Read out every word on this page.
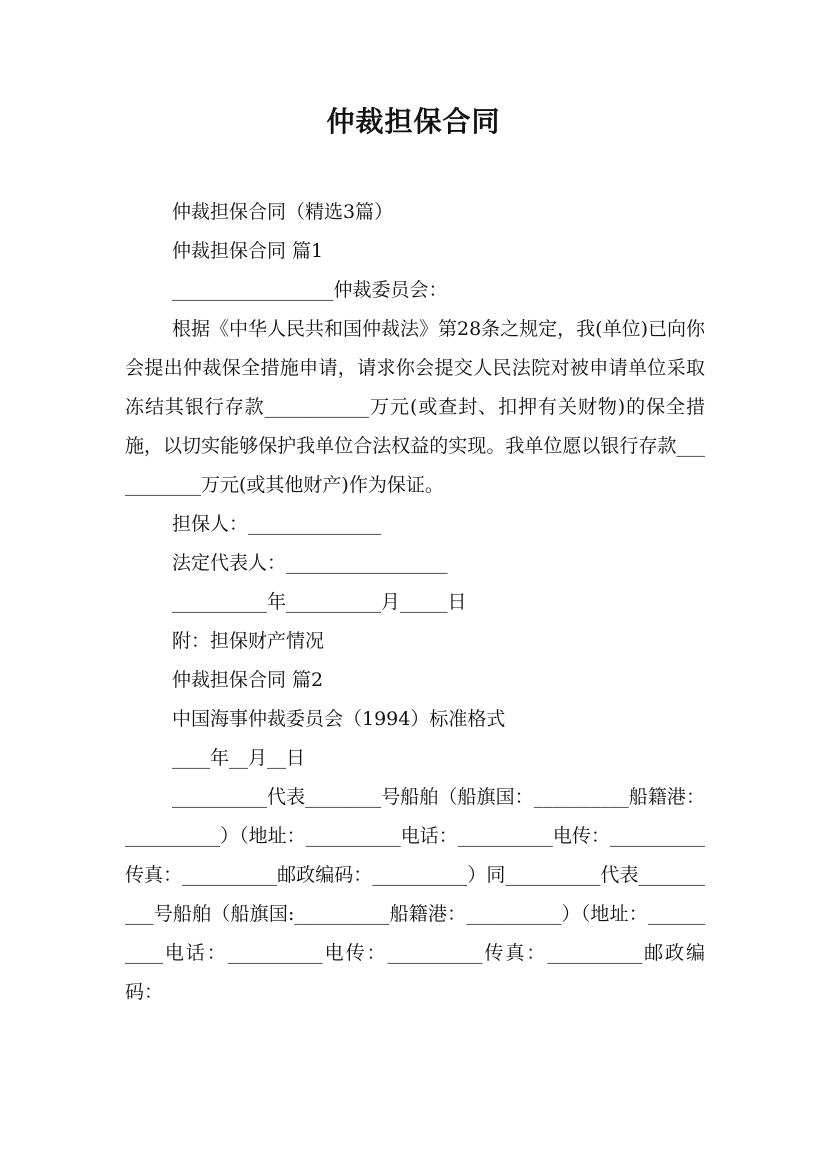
仲裁担保合同

仲裁担保合同（精选3篇）

仲裁担保合同 篇1

_________________仲裁委员会：

根据《中华人民共和国仲裁法》第28条之规定，我(单位)已向你会提出仲裁保全措施申请，请求你会提交人民法院对被申请单位采取冻结其银行存款___________万元(或查封、扣押有关财物)的保全措施，以切实能够保护我单位合法权益的实现。我单位愿以银行存款___________万元(或其他财产)作为保证。

担保人：______________

法定代表人：_________________

__________年__________月_____日

附：担保财产情况

仲裁担保合同 篇2

中国海事仲裁委员会（1994）标准格式

____年__月__日

__________代表________号船舶（船旗国：__________船籍港：__________）（地址：__________电话：__________电传：__________传真：__________邮政编码：__________）同__________代表__________号船舶（船旗国:__________船籍港：__________）（地址：__________电话：__________电传：__________传真：__________邮政编码：
